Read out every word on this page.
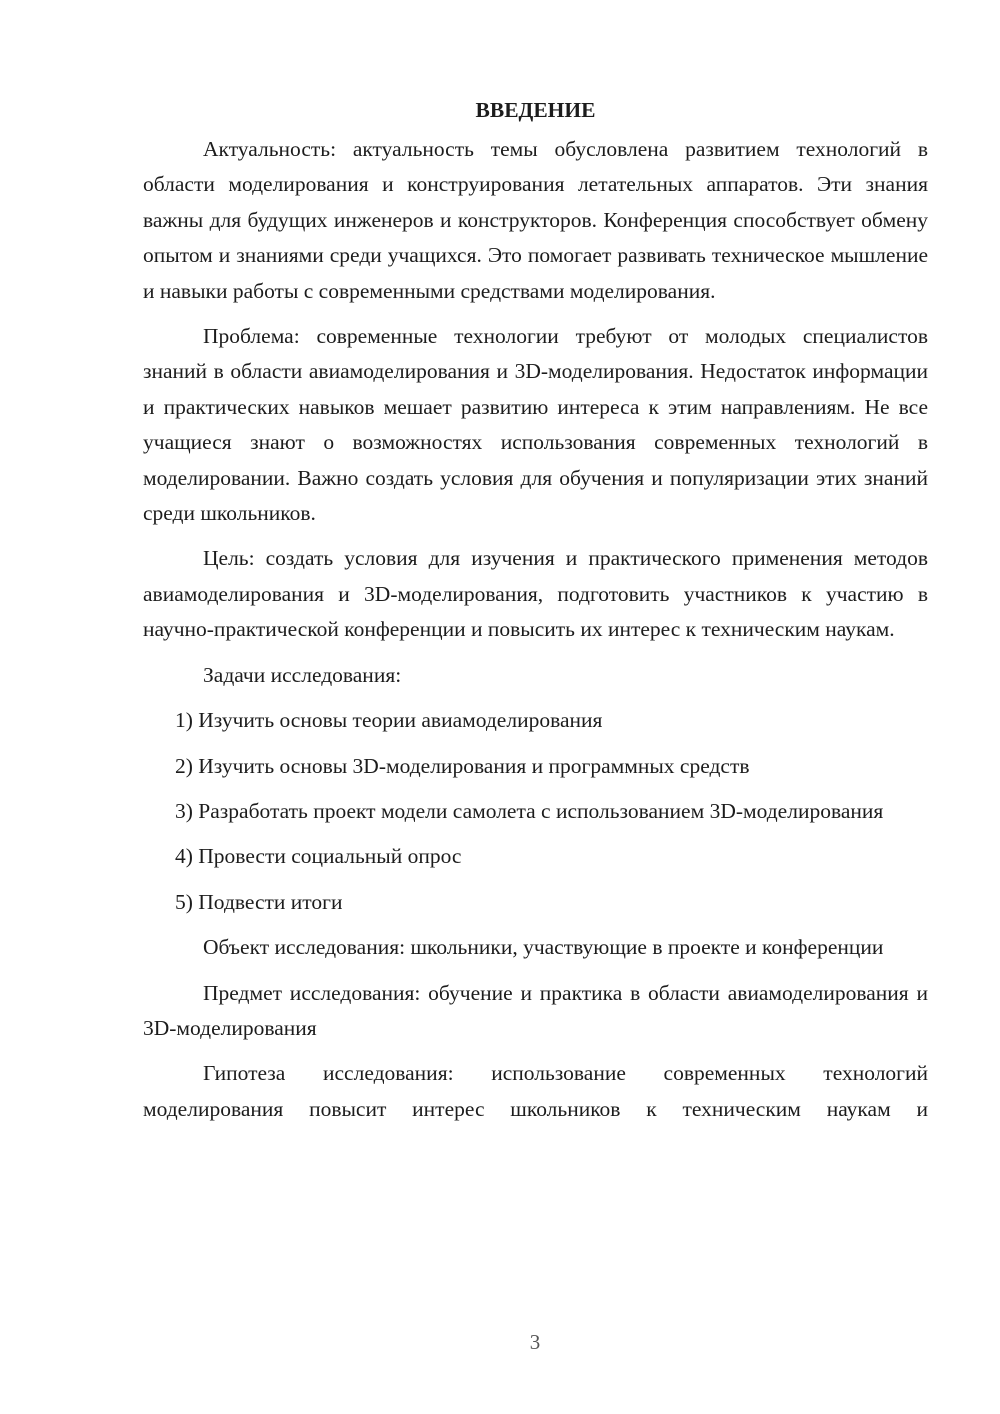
ВВЕДЕНИЕ

Актуальность: актуальность темы обусловлена развитием технологий в области моделирования и конструирования летательных аппаратов. Эти знания важны для будущих инженеров и конструкторов. Конференция способствует обмену опытом и знаниями среди учащихся. Это помогает развивать техническое мышление и навыки работы с современными средствами моделирования.

Проблема: современные технологии требуют от молодых специалистов знаний в области авиамоделирования и 3D-моделирования. Недостаток информации и практических навыков мешает развитию интереса к этим направлениям. Не все учащиеся знают о возможностях использования современных технологий в моделировании. Важно создать условия для обучения и популяризации этих знаний среди школьников.

Цель: создать условия для изучения и практического применения методов авиамоделирования и 3D-моделирования, подготовить участников к участию в научно-практической конференции и повысить их интерес к техническим наукам.

Задачи исследования:

1) Изучить основы теории авиамоделирования

2) Изучить основы 3D-моделирования и программных средств

3) Разработать проект модели самолета с использованием 3D-моделирования

4) Провести социальный опрос

5) Подвести итоги

Объект исследования: школьники, участвующие в проекте и конференции

Предмет исследования: обучение и практика в области авиамоделирования и 3D-моделирования

Гипотеза исследования: использование современных технологий моделирования повысит интерес школьников к техническим наукам и

3
